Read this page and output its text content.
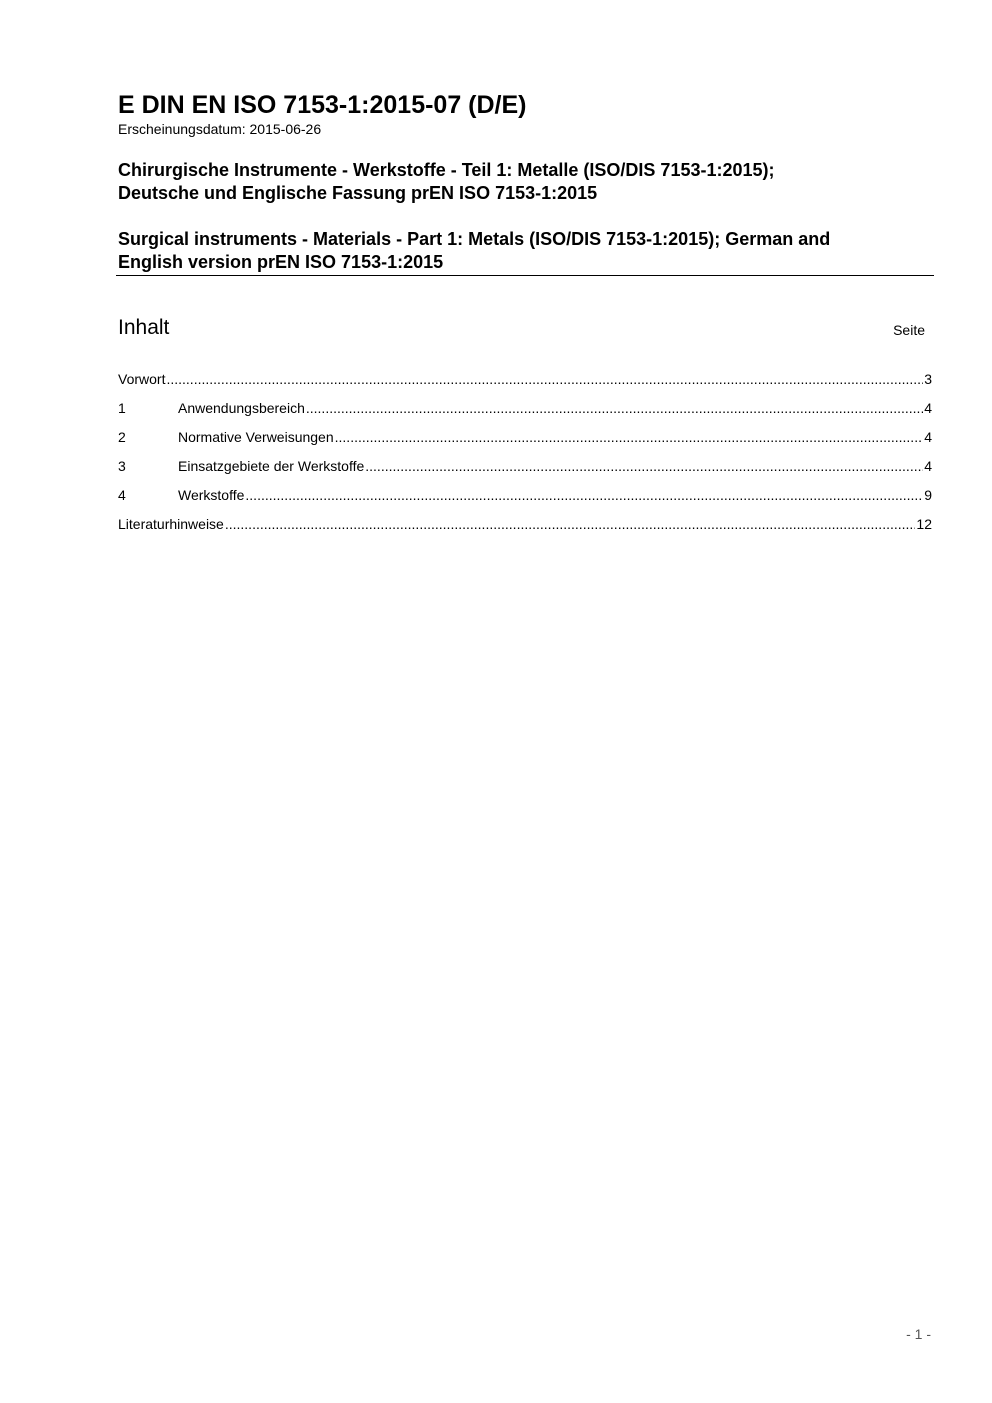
E DIN EN ISO 7153-1:2015-07 (D/E)
Erscheinungsdatum: 2015-06-26
Chirurgische Instrumente - Werkstoffe - Teil 1: Metalle (ISO/DIS 7153-1:2015);
Deutsche und Englische Fassung prEN ISO 7153-1:2015
Surgical instruments - Materials - Part 1: Metals (ISO/DIS 7153-1:2015); German and
English version prEN ISO 7153-1:2015
Inhalt	Seite
Vorwort .....	3
1	Anwendungsbereich .....	4
2	Normative Verweisungen .....	4
3	Einsatzgebiete der Werkstoffe .....	4
4	Werkstoffe .....	9
Literaturhinweise .....	12
- 1 -
